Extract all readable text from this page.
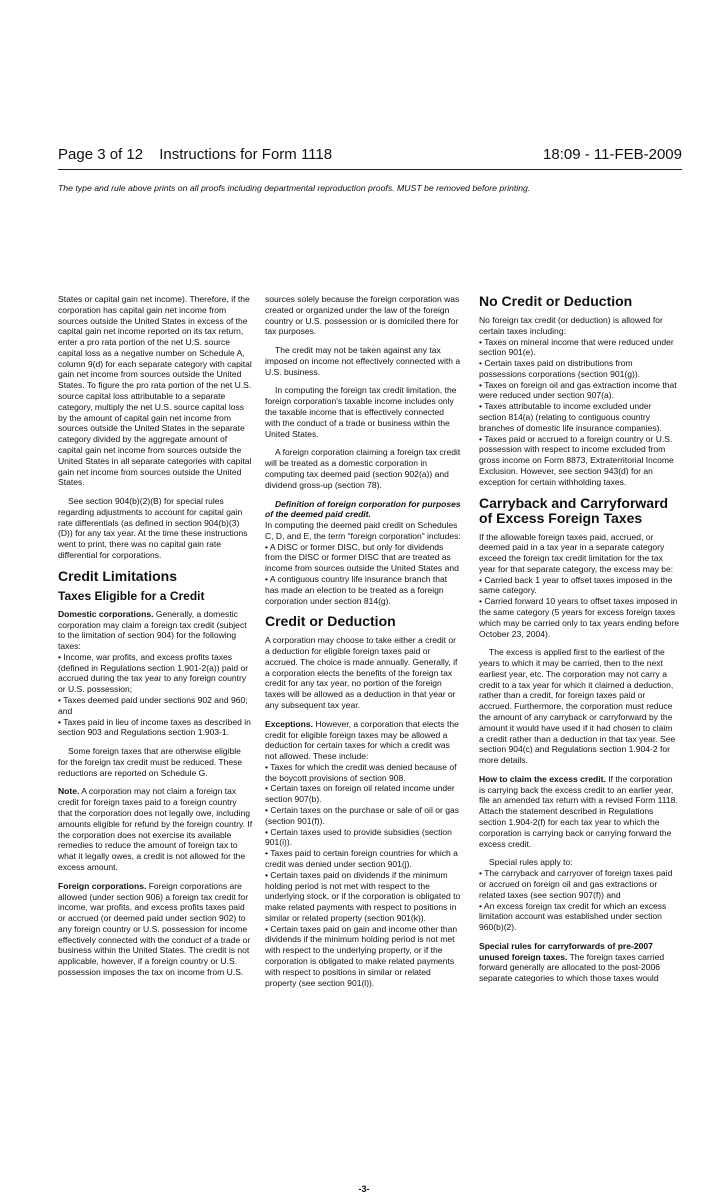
Page 3 of 12 Instructions for Form 1118	18:09 - 11-FEB-2009
The type and rule above prints on all proofs including departmental reproduction proofs. MUST be removed before printing.

States or capital gain net income). Therefore, if the corporation has capital gain net income from sources outside the United States in excess of the capital gain net income reported on its tax return, enter a pro rata portion of the net U.S. source capital loss as a negative number on Schedule A, column 9(d) for each separate category with capital gain net income from sources outside the United States. To figure the pro rata portion of the net U.S. source capital loss attributable to a separate category, multiply the net U.S. source capital loss by the amount of capital gain net income from sources outside the United States in the separate category divided by the aggregate amount of capital gain net income from sources outside the United States in all separate categories with capital gain net income from sources outside the United States.

See section 904(b)(2)(B) for special rules regarding adjustments to account for capital gain rate differentials (as defined in section 904(b)(3)(D)) for any tax year. At the time these instructions went to print, there was no capital gain rate differential for corporations.

Credit Limitations
Taxes Eligible for a Credit

Domestic corporations. Generally, a domestic corporation may claim a foreign tax credit (subject to the limitation of section 904) for the following taxes:

• Income, war profits, and excess profits taxes (defined in Regulations section 1.901-2(a)) paid or accrued during the tax year to any foreign country or U.S. possession;

• Taxes deemed paid under sections 902 and 960; and

• Taxes paid in lieu of income taxes as described in section 903 and Regulations section 1.903-1.

Some foreign taxes that are otherwise eligible for the foreign tax credit must be reduced. These reductions are reported on Schedule G.

Note. A corporation may not claim a foreign tax credit for foreign taxes paid to a foreign country that the corporation does not legally owe, including amounts eligible for refund by the foreign country. If the corporation does not exercise its available remedies to reduce the amount of foreign tax to what it legally owes, a credit is not allowed for the excess amount.

Foreign corporations. Foreign corporations are allowed (under section 906) a foreign tax credit for income, war profits, and excess profits taxes paid or accrued (or deemed paid under section 902) to any foreign country or U.S. possession for income effectively connected with the conduct of a trade or business within the United States. The credit is not applicable, however, if a foreign country or U.S. possession imposes the tax on income from U.S.

sources solely because the foreign corporation was created or organized under the law of the foreign country or U.S. possession or is domiciled there for tax purposes.

The credit may not be taken against any tax imposed on income not effectively connected with a U.S. business.

In computing the foreign tax credit limitation, the foreign corporation's taxable income includes only the taxable income that is effectively connected with the conduct of a trade or business within the United States.

A foreign corporation claiming a foreign tax credit will be treated as a domestic corporation in computing tax deemed paid (section 902(a)) and dividend gross-up (section 78).

Definition of foreign corporation for purposes of the deemed paid credit.

In computing the deemed paid credit on Schedules C, D, and E, the term “foreign corporation” includes:

• A DISC or former DISC, but only for dividends from the DISC or former DISC that are treated as income from sources outside the United States and

• A contiguous country life insurance branch that has made an election to be treated as a foreign corporation under section 814(g).

Credit or Deduction

A corporation may choose to take either a credit or a deduction for eligible foreign taxes paid or accrued. The choice is made annually. Generally, if a corporation elects the benefits of the foreign tax credit for any tax year, no portion of the foreign taxes will be allowed as a deduction in that year or any subsequent tax year.

Exceptions. However, a corporation that elects the credit for eligible foreign taxes may be allowed a deduction for certain taxes for which a credit was not allowed. These include:

• Taxes for which the credit was denied because of the boycott provisions of section 908.

• Certain taxes on foreign oil related income under section 907(b).

• Certain taxes on the purchase or sale of oil or gas (section 901(f)).

• Certain taxes used to provide subsidies (section 901(i)).

• Taxes paid to certain foreign countries for which a credit was denied under section 901(j).

• Certain taxes paid on dividends if the minimum holding period is not met with respect to the underlying stock, or if the corporation is obligated to make related payments with respect to positions in similar or related property (section 901(k)).

• Certain taxes paid on gain and income other than dividends if the minimum holding period is not met with respect to the underlying property, or if the corporation is obligated to make related payments with respect to positions in similar or related property (see section 901(l)).

No Credit or Deduction

No foreign tax credit (or deduction) is allowed for certain taxes including:

• Taxes on mineral income that were reduced under section 901(e).

• Certain taxes paid on distributions from possessions corporations (section 901(g)).

• Taxes on foreign oil and gas extraction income that were reduced under section 907(a).

• Taxes attributable to income excluded under section 814(a) (relating to contiguous country branches of domestic life insurance companies).

• Taxes paid or accrued to a foreign country or U.S. possession with respect to income excluded from gross income on Form 8873, Extraterritorial Income Exclusion. However, see section 943(d) for an exception for certain withholding taxes.

Carryback and Carryforward of Excess Foreign Taxes

If the allowable foreign taxes paid, accrued, or deemed paid in a tax year in a separate category exceed the foreign tax credit limitation for the tax year for that separate category, the excess may be:

• Carried back 1 year to offset taxes imposed in the same category.

• Carried forward 10 years to offset taxes imposed in the same category (5 years for excess foreign taxes which may be carried only to tax years ending before October 23, 2004).

The excess is applied first to the earliest of the years to which it may be carried, then to the next earliest year, etc. The corporation may not carry a credit to a tax year for which it claimed a deduction, rather than a credit, for foreign taxes paid or accrued. Furthermore, the corporation must reduce the amount of any carryback or carryforward by the amount it would have used if it had chosen to claim a credit rather than a deduction in that tax year. See section 904(c) and Regulations section 1.904-2 for more details.

How to claim the excess credit. If the corporation is carrying back the excess credit to an earlier year, file an amended tax return with a revised Form 1118. Attach the statement described in Regulations section 1.904-2(f) for each tax year to which the corporation is carrying back or carrying forward the excess credit.

Special rules apply to:

• The carryback and carryover of foreign taxes paid or accrued on foreign oil and gas extractions or related taxes (see section 907(f)) and

• An excess foreign tax credit for which an excess limitation account was established under section 960(b)(2).

Special rules for carryforwards of pre-2007 unused foreign taxes. The foreign taxes carried forward generally are allocated to the post-2006 separate categories to which those taxes would

-3-
